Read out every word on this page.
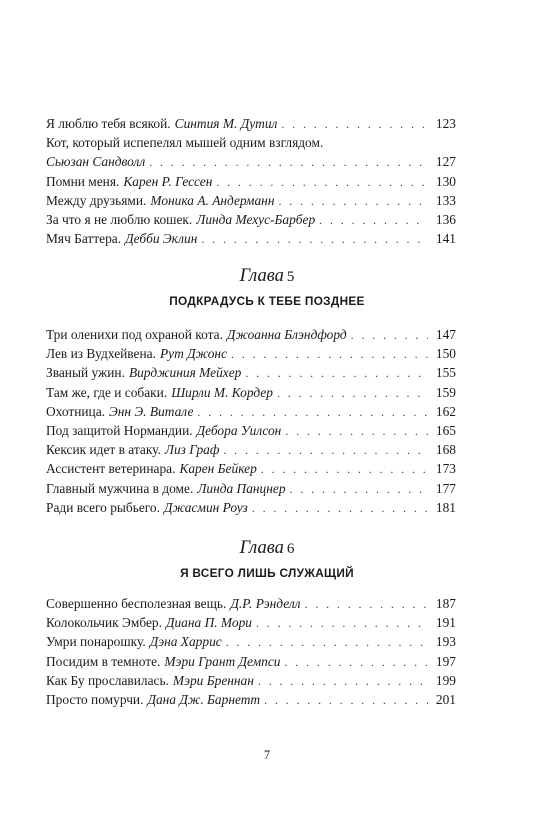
Я люблю тебя всякой. Синтия М. Дутил . . .	123
Кот, который испепелял мышей одним взглядом.
Сьюзан Сандволл . . .	127
Помни меня. Карен Р. Гессен . . .	130
Между друзьями. Моника А. Андерманн . . .	133
За что я не люблю кошек. Линда Мехус-Барбер . . .	136
Мяч Баттера. Дебби Эклин . . .	141
Глава 5
ПОДКРАДУСЬ К ТЕБЕ ПОЗДНЕЕ
Три оленихи под охраной кота. Джоанна Блэндфорд . . .	147
Лев из Вудхейвена. Рут Джонс . . .	150
Званый ужин. Вирджиния Мейхер . . .	155
Там же, где и собаки. Ширли М. Кордер . . .	159
Охотница. Энн Э. Витале . . .	162
Под защитой Нормандии. Дебора Уилсон . . .	165
Кексик идет в атаку. Лиз Граф . . .	168
Ассистент ветеринара. Карен Бейкер . . .	173
Главный мужчина в доме. Линда Панцнер . . .	177
Ради всего рыбьего. Джасмин Роуз . . .	181
Глава 6
Я ВСЕГО ЛИШЬ СЛУЖАЩИЙ
Совершенно бесполезная вещь. Д.Р. Рэнделл . . .	187
Колокольчик Эмбер. Диана П. Мори . . .	191
Умри понарошку. Дэна Харрис . . .	193
Посидим в темноте. Мэри Грант Демпси . . .	197
Как Бу прославилась. Мэри Бреннан . . .	199
Просто помурчи. Дана Дж. Барнетт . . .	201
7
